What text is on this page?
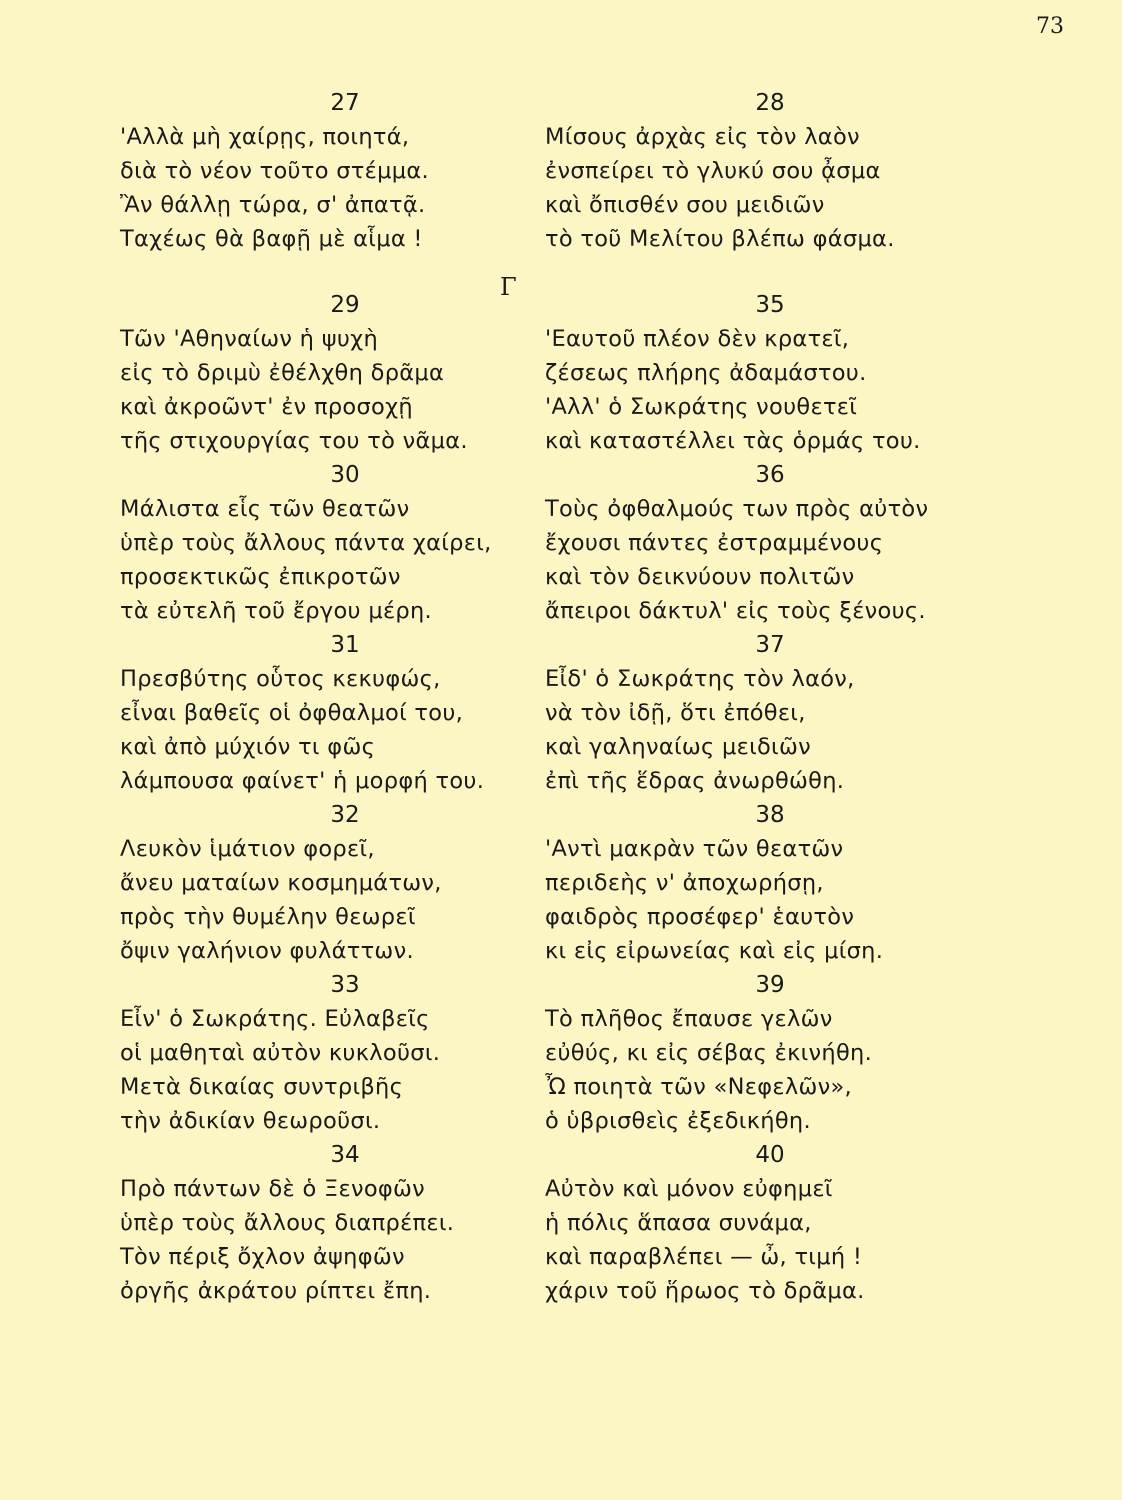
73
Γ
27
'Αλλὰ μὴ χαίρῃς, ποιητά,
διὰ τὸ νέον τοῦτο στέμμα.
Ἂν θάλλῃ τώρα, σ' ἀπατᾷ.
Ταχέως θὰ βαφῇ μὲ αἷμα !
29
Τῶν 'Αθηναίων ἡ ψυχὴ
εἰς τὸ δριμὺ ἐθέλχθη δρᾶμα
καὶ ἀκροῶντ' ἐν προσοχῇ
τῆς στιχουργίας του τὸ νᾶμα.
30
Μάλιστα εἷς τῶν θεατῶν
ὑπὲρ τοὺς ἄλλους πάντα χαίρει,
προσεκτικῶς ἐπικροτῶν
τὰ εὐτελῆ τοῦ ἔργου μέρη.
31
Πρεσβύτης οὗτος κεκυφώς,
εἶναι βαθεῖς οἱ ὀφθαλμοί του,
καὶ ἀπὸ μύχιόν τι φῶς
λάμπουσα φαίνετ' ἡ μορφή του.
32
Λευκὸν ἱμάτιον φορεῖ,
ἄνευ ματαίων κοσμημάτων,
πρὸς τὴν θυμέλην θεωρεῖ
ὄψιν γαλήνιον φυλάττων.
33
Εἶν' ὁ Σωκράτης. Εὐλαβεῖς
οἱ μαθηταὶ αὐτὸν κυκλοῦσι.
Μετὰ δικαίας συντριβῆς
τὴν ἀδικίαν θεωροῦσι.
34
Πρὸ πάντων δὲ ὁ Ξενοφῶν
ὑπὲρ τοὺς ἄλλους διαπρέπει.
Τὸν πέριξ ὄχλον ἀψηφῶν
ὀργῆς ἀκράτου ρίπτει ἔπη.
28
Μίσους ἀρχὰς εἰς τὸν λαὸν
ἐνσπείρει τὸ γλυκύ σου ᾆσμα
καὶ ὄπισθέν σου μειδιῶν
τὸ τοῦ Μελίτου βλέπω φάσμα.
35
'Εαυτοῦ πλέον δὲν κρατεῖ,
ζέσεως πλήρης ἀδαμάστου.
'Αλλ' ὁ Σωκράτης νουθετεῖ
καὶ καταστέλλει τὰς ὁρμάς του.
36
Τοὺς ὀφθαλμούς των πρὸς αὐτὸν
ἔχουσι πάντες ἐστραμμένους
καὶ τὸν δεικνύουν πολιτῶν
ἄπειροι δάκτυλ' εἰς τοὺς ξένους.
37
Εἶδ' ὁ Σωκράτης τὸν λαόν,
νὰ τὸν ἰδῇ, ὅτι ἐπόθει,
καὶ γαληναίως μειδιῶν
ἐπὶ τῆς ἕδρας ἀνωρθώθη.
38
'Αντὶ μακρὰν τῶν θεατῶν
περιδεὴς ν' ἀποχωρήσῃ,
φαιδρὸς προσέφερ' ἑαυτὸν
κι εἰς εἰρωνείας καὶ εἰς μίση.
39
Τὸ πλῆθος ἔπαυσε γελῶν
εὐθύς, κι εἰς σέβας ἐκινήθη.
Ὦ ποιητὰ τῶν «Νεφελῶν»,
ὁ ὑβρισθεὶς ἐξεδικήθη.
40
Αὐτὸν καὶ μόνον εὐφημεῖ
ἡ πόλις ἅπασα συνάμα,
καὶ παραβλέπει — ὦ, τιμή !
χάριν τοῦ ἥρωος τὸ δρᾶμα.
